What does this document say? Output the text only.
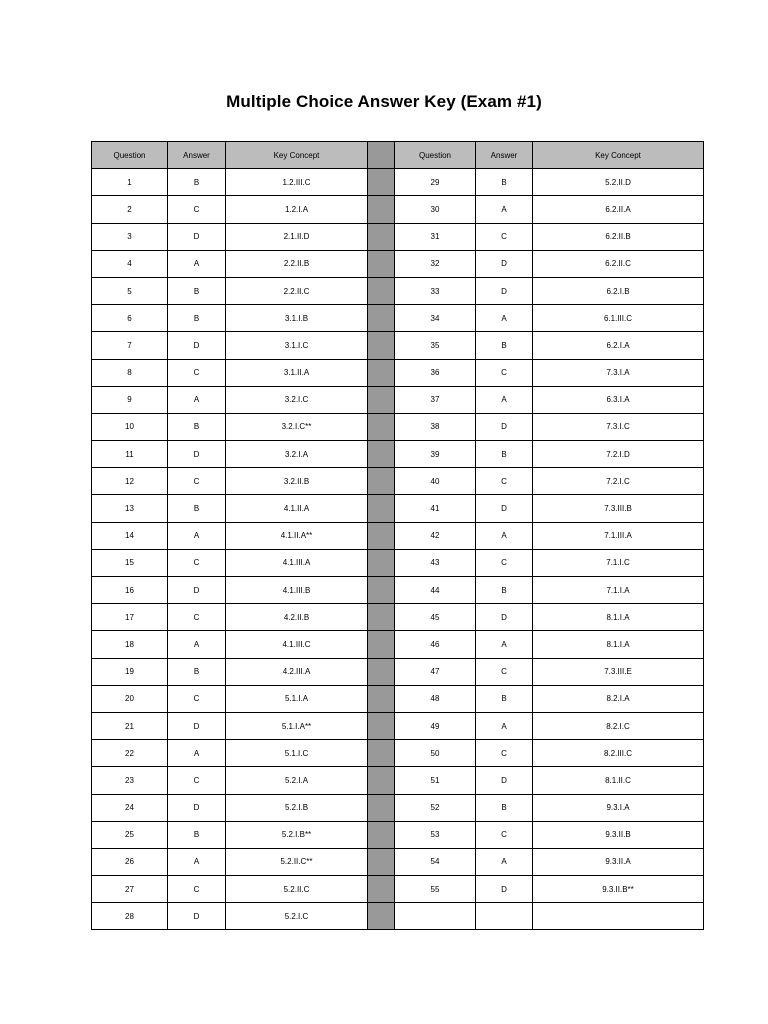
Multiple Choice Answer Key (Exam #1)
Question	Answer	Key Concept		Question	Answer	Key Concept
1	B	1.2.III.C		29	B	5.2.II.D
2	C	1.2.I.A		30	A	6.2.II.A
3	D	2.1.II.D		31	C	6.2.II.B
4	A	2.2.II.B		32	D	6.2.II.C
5	B	2.2.II.C		33	D	6.2.I.B
6	B	3.1.I.B		34	A	6.1.III.C
7	D	3.1.I.C		35	B	6.2.I.A
8	C	3.1.II.A		36	C	7.3.I.A
9	A	3.2.I.C		37	A	6.3.I.A
10	B	3.2.I.C**		38	D	7.3.I.C
11	D	3.2.I.A		39	B	7.2.I.D
12	C	3.2.II.B		40	C	7.2.I.C
13	B	4.1.II.A		41	D	7.3.III.B
14	A	4.1.II.A**		42	A	7.1.III.A
15	C	4.1.III.A		43	C	7.1.I.C
16	D	4.1.III.B		44	B	7.1.I.A
17	C	4.2.II.B		45	D	8.1.I.A
18	A	4.1.III.C		46	A	8.1.I.A
19	B	4.2.III.A		47	C	7.3.III.E
20	C	5.1.I.A		48	B	8.2.I.A
21	D	5.1.I.A**		49	A	8.2.I.C
22	A	5.1.I.C		50	C	8.2.III.C
23	C	5.2.I.A		51	D	8.1.II.C
24	D	5.2.I.B		52	B	9.3.I.A
25	B	5.2.I.B**		53	C	9.3.II.B
26	A	5.2.II.C**		54	A	9.3.II.A
27	C	5.2.II.C		55	D	9.3.II.B**
28	D	5.2.I.C				
